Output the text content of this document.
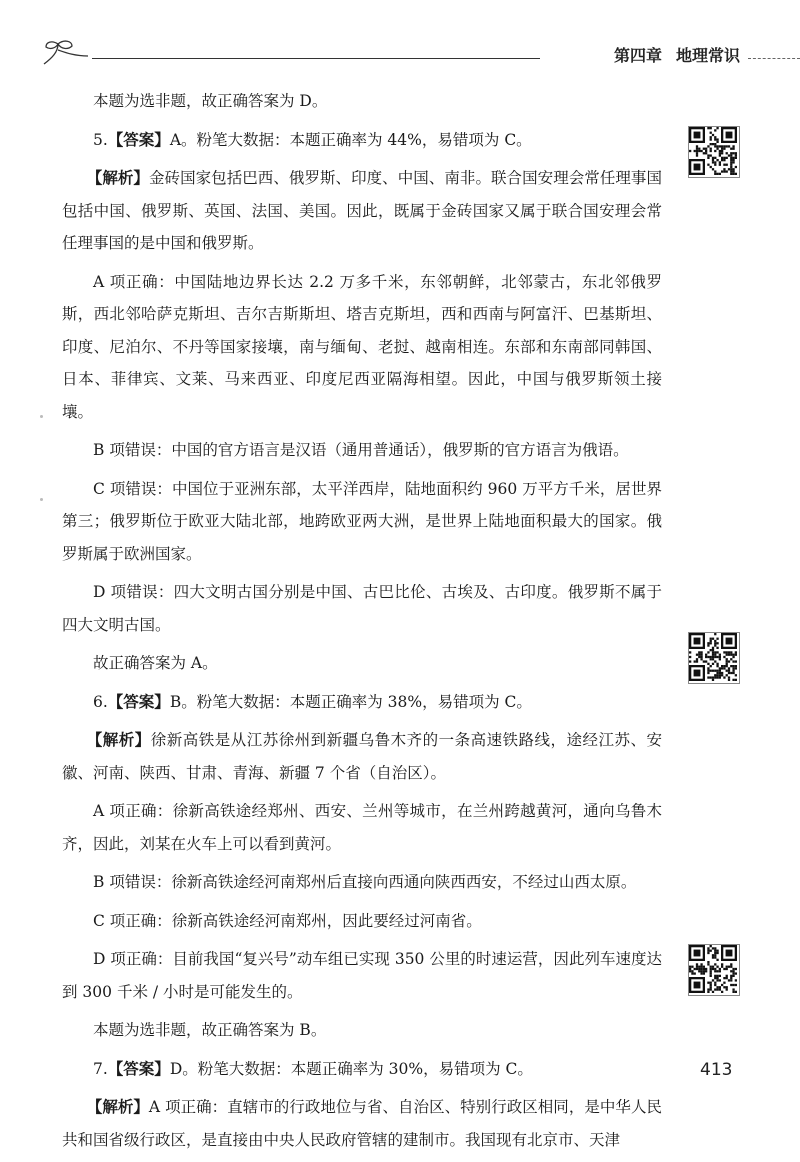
第四章 地理常识

本题为选非题，故正确答案为 D。

5.【答案】A。粉笔大数据：本题正确率为 44%，易错项为 C。

【解析】金砖国家包括巴西、俄罗斯、印度、中国、南非。联合国安理会常任理事国包括中国、俄罗斯、英国、法国、美国。因此，既属于金砖国家又属于联合国安理会常任理事国的是中国和俄罗斯。

A 项正确：中国陆地边界长达 2.2 万多千米，东邻朝鲜，北邻蒙古，东北邻俄罗斯，西北邻哈萨克斯坦、吉尔吉斯斯坦、塔吉克斯坦，西和西南与阿富汗、巴基斯坦、印度、尼泊尔、不丹等国家接壤，南与缅甸、老挝、越南相连。东部和东南部同韩国、日本、菲律宾、文莱、马来西亚、印度尼西亚隔海相望。因此，中国与俄罗斯领土接壤。

B 项错误：中国的官方语言是汉语（通用普通话），俄罗斯的官方语言为俄语。

C 项错误：中国位于亚洲东部，太平洋西岸，陆地面积约 960 万平方千米，居世界第三；俄罗斯位于欧亚大陆北部，地跨欧亚两大洲，是世界上陆地面积最大的国家。俄罗斯属于欧洲国家。

D 项错误：四大文明古国分别是中国、古巴比伦、古埃及、古印度。俄罗斯不属于四大文明古国。

故正确答案为 A。

6.【答案】B。粉笔大数据：本题正确率为 38%，易错项为 C。

【解析】徐新高铁是从江苏徐州到新疆乌鲁木齐的一条高速铁路线，途经江苏、安徽、河南、陕西、甘肃、青海、新疆 7 个省（自治区）。

A 项正确：徐新高铁途经郑州、西安、兰州等城市，在兰州跨越黄河，通向乌鲁木齐，因此，刘某在火车上可以看到黄河。

B 项错误：徐新高铁途经河南郑州后直接向西通向陕西西安，不经过山西太原。

C 项正确：徐新高铁途经河南郑州，因此要经过河南省。

D 项正确：目前我国“复兴号”动车组已实现 350 公里的时速运营，因此列车速度达到 300 千米 / 小时是可能发生的。

本题为选非题，故正确答案为 B。

7.【答案】D。粉笔大数据：本题正确率为 30%，易错项为 C。

【解析】A 项正确：直辖市的行政地位与省、自治区、特别行政区相同，是中华人民共和国省级行政区，是直接由中央人民政府管辖的建制市。我国现有北京市、天津

413
